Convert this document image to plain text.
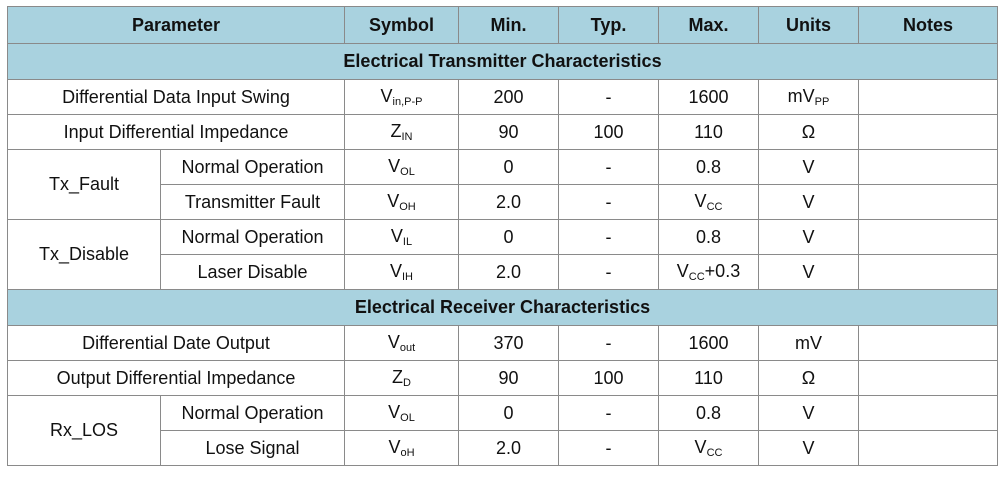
Parameter		Symbol	Min.	Typ.	Max.	Units	Notes
Electrical Transmitter Characteristics							
Differential Data Input Swing		$V_{in,P-P}$	200	-	1600	$mV_{PP}$	
Input Differential Impedance		$Z_{IN}$	90	100	110	Ω	
Tx_Fault	Normal Operation	$V_{OL}$	0	-	0.8	V	
	Transmitter Fault	$V_{OH}$	2.0	-	$V_{CC}$	V	
Tx_Disable	Normal Operation	$V_{IL}$	0	-	0.8	V	
	Laser Disable	$V_{IH}$	2.0	-	$V_{CC}+0.3$	V	
Electrical Receiver Characteristics							
Differential Date Output		$V_{out}$	370	-	1600	mV	
Output Differential Impedance		$Z_D$	90	100	110	Ω	
Rx_LOS	Normal Operation	$V_{OL}$	0	-	0.8	V	
	Lose Signal	$V_{oH}$	2.0	-	$V_{CC}$	V	
